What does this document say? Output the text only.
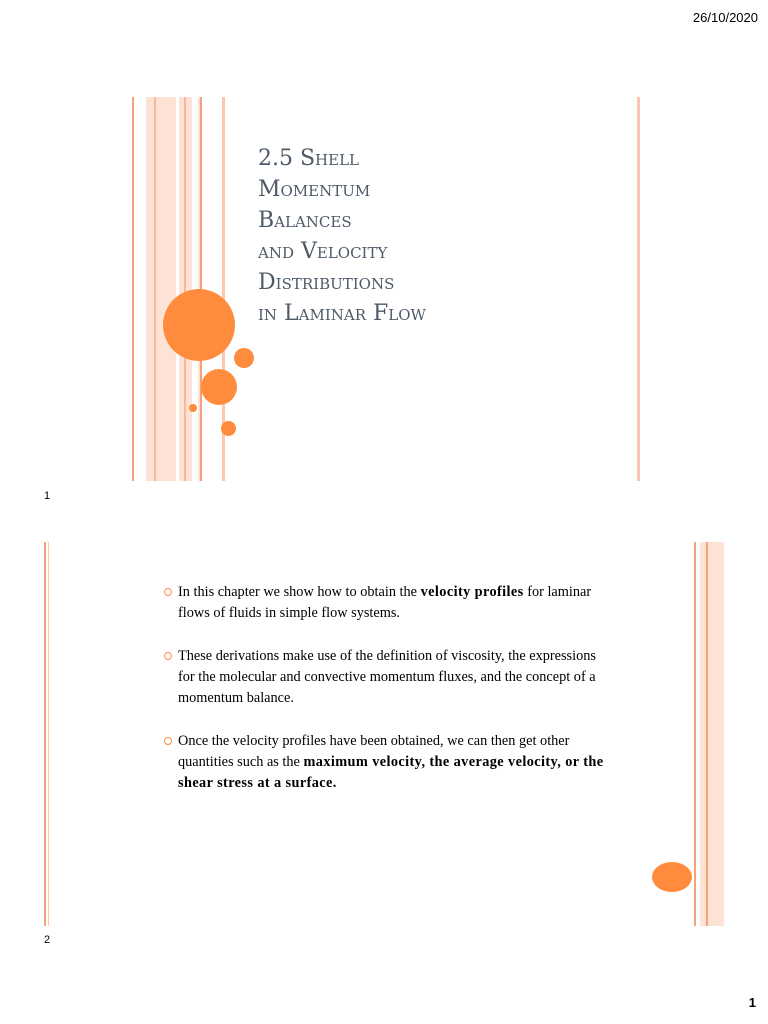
26/10/2020
2.5 Shell
Momentum
Balances
and Velocity
Distributions
in Laminar Flow
1
In this chapter we show how to obtain the velocity profiles for laminar flows of fluids in simple flow systems.
These derivations make use of the definition of viscosity, the expressions for the molecular and convective momentum fluxes, and the concept of a momentum balance.
Once the velocity profiles have been obtained, we can then get other quantities such as the maximum velocity, the average velocity, or the shear stress at a surface.
2
1
